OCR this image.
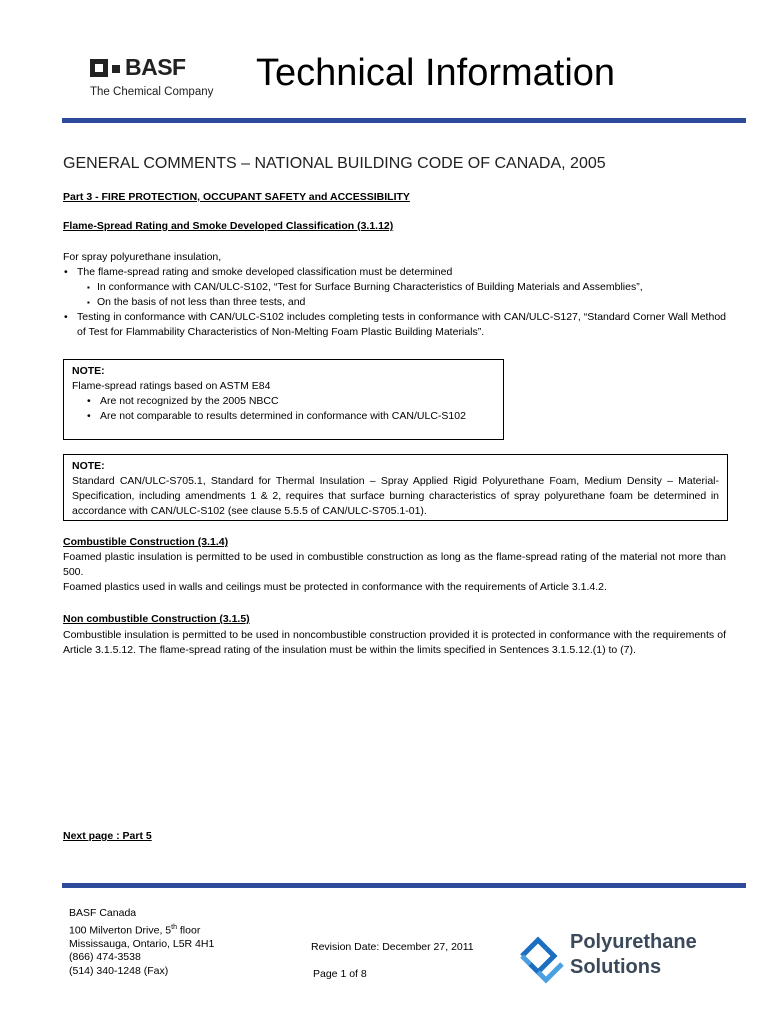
BASF
The Chemical Company Technical Information
GENERAL COMMENTS – NATIONAL BUILDING CODE OF CANADA, 2005
Part 3 - FIRE PROTECTION, OCCUPANT SAFETY and ACCESSIBILITY
Flame-Spread Rating and Smoke Developed Classification (3.1.12)
For spray polyurethane insulation,
• The flame-spread rating and smoke developed classification must be determined
▪ In conformance with CAN/ULC-S102, “Test for Surface Burning Characteristics of Building Materials and Assemblies”,
▪ On the basis of not less than three tests, and
• Testing in conformance with CAN/ULC-S102 includes completing tests in conformance with CAN/ULC-S127, “Standard Corner Wall Method of Test for Flammability Characteristics of Non-Melting Foam Plastic Building Materials”.
NOTE:
Flame-spread ratings based on ASTM E84
• Are not recognized by the 2005 NBCC
• Are not comparable to results determined in conformance with CAN/ULC-S102
NOTE:
Standard CAN/ULC-S705.1, Standard for Thermal Insulation – Spray Applied Rigid Polyurethane Foam, Medium Density – Material-Specification, including amendments 1 & 2, requires that surface burning characteristics of spray polyurethane foam be determined in accordance with CAN/ULC-S102 (see clause 5.5.5 of CAN/ULC-S705.1-01).
Combustible Construction (3.1.4)
Foamed plastic insulation is permitted to be used in combustible construction as long as the flame-spread rating of the material not more than 500.
Foamed plastics used in walls and ceilings must be protected in conformance with the requirements of Article 3.1.4.2.
Non combustible Construction (3.1.5)
Combustible insulation is permitted to be used in noncombustible construction provided it is protected in conformance with the requirements of Article 3.1.5.12. The flame-spread rating of the insulation must be within the limits specified in Sentences 3.1.5.12.(1) to (7).
Next page : Part 5
BASF Canada
100 Milverton Drive, 5th floor
Mississauga, Ontario, L5R 4H1
(866) 474-3538
(514) 340-1248 (Fax)
Revision Date: December 27, 2011
Page 1 of 8
Polyurethane
Solutions
